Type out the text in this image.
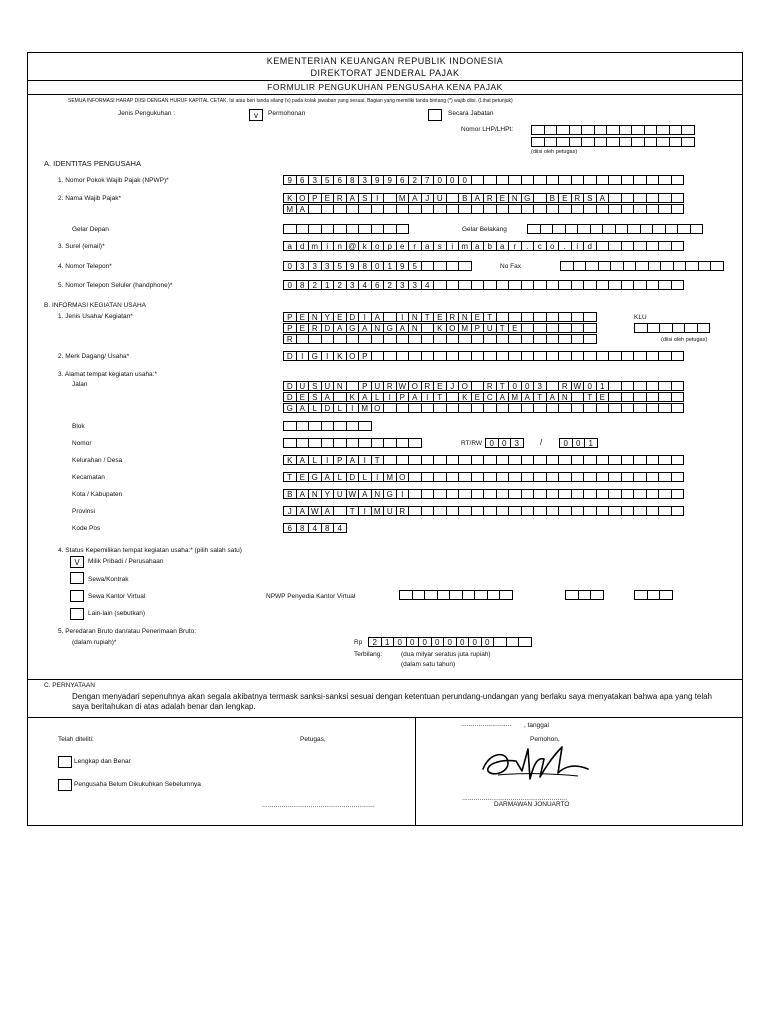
KEMENTERIAN KEUANGAN REPUBLIK INDONESIA
DIREKTORAT JENDERAL PAJAK
FORMULIR PENGUKUHAN PENGUSAHA KENA PAJAK
SEMUA INFORMASI HARAP DIISI DENGAN HURUF KAPITAL CETAK. Isi atau beri tanda silang (x) pada kolak jawaban yang sesuai. Bagian yang memiliki tanda bintang (*) wajib diisi. (Lihat petunjuk)
Jenis Pengukuhan :	v	Permohonan	Secara Jabatan
Nomor LHP/LHPt:
(diisi oleh petugas)
A. IDENTITAS PENGUSAHA
1. Nomor Pokok Wajib Pajak (NPWP)*	9	6	3	5	6	8	3	9	9	6	2	7	0	0	0
2. Nama Wajib Pajak*	K O P E R A S	I	M A J U	B A R E N G	B E R S A
M A
Gelar Depan	Gelar Belakang
3. Surel (email)*	a	d m	i	n @ k	o	p	e	r	a	s	i	m a	b	a	r	.	c	o	.	i	d
4. Nomor Telepon*	0	3	3	3	5	9	8	0	1	9	5	No Fax
5. Nomor Telepon Seluler (handphone)*	0	8	2	1	2	3	4	6	2	3	3	4
B. INFORMASI KEGIATAN USAHA
1. Jenis Usaha/ Kegiatan*	P E N Y E D	I	A	I	N T E R N E T
P E R D A G A N G A N	K O M P U T E
R
KLU
(diisi oleh petugas)
2. Merk Dagang/ Usaha*	D	I	G	I	K O P
3. Alamat tempat kegiatan usaha:*
Jalan	D U S U N	P U R W O R E J O	R T 0	0	3	R W 0	1
D E S A	K A L	I	P A	I	T	K E C A M A T A N	T E
G A L D L	I	M O
Blok
Nomor	RT/RW 0	0	3	/	0	0	1
Kelurahan / Desa	K A L	I	P A	I	T
Kecamatan	T E G A L D L	I	M O
Kota / Kabupaten	B A N Y U W A N G	I
Provinsi	J A W A	T	I	M U R
Kode Pos	6	8	4	8	4
4. Status Kepemilikan tempat kegiatan usaha:* (pilih salah satu)
V	Milik Pribadi / Perusahaan
Sewa/Kontrak
Sewa Kantor Virtual
Lain-lain (sebutkan)
NPWP Penyedia Kantor Virtual
5. Peredaran Bruto dan/atau Penerimaan Bruto:
(dalam rupiah)*	Rp	2	1	0	0	0	0	0	0	0	0
Terbilang:	(dua milyar seratus juta rupiah)
(dalam satu tahun)
C. PERNYATAAN
Dengan menyadari sepenuhnya akan segala akibatnya termask sanksi-sanksi sesuai dengan ketentuan perundang-undangan yang berlaku saya menyatakan bahwa apa yang telah saya beritahukan di atas adalah benar dan lengkap.
Telah diteliti:	Petugas,
Lengkap dan Benar
Pengusaha Belum Dikukuhkan Sebelumnya
..........................................................
.......................... , tanggal
Pemohon,
......................................................
DARMAWAN JONUARTO
